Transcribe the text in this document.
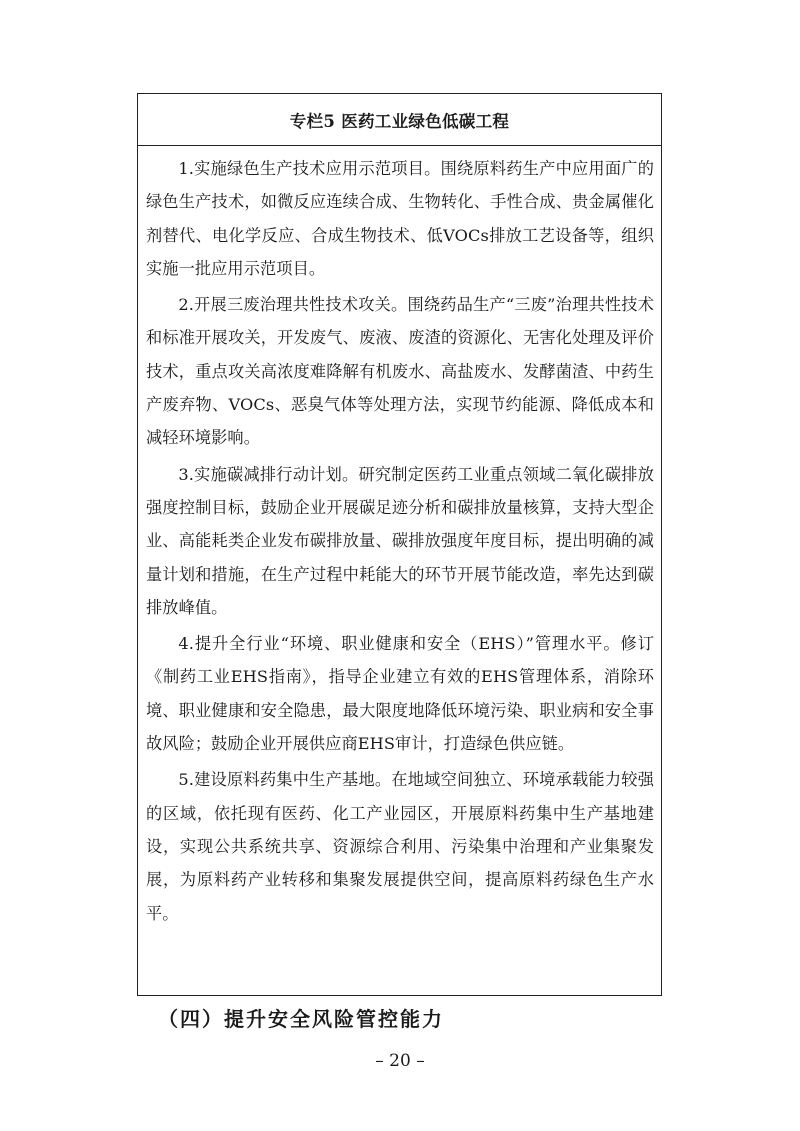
专栏5 医药工业绿色低碳工程

1.实施绿色生产技术应用示范项目。围绕原料药生产中应用面广的绿色生产技术，如微反应连续合成、生物转化、手性合成、贵金属催化剂替代、电化学反应、合成生物技术、低VOCs排放工艺设备等，组织实施一批应用示范项目。

2.开展三废治理共性技术攻关。围绕药品生产“三废”治理共性技术和标准开展攻关，开发废气、废液、废渣的资源化、无害化处理及评价技术，重点攻关高浓度难降解有机废水、高盐废水、发酵菌渣、中药生产废弃物、VOCs、恶臭气体等处理方法，实现节约能源、降低成本和减轻环境影响。

3.实施碳减排行动计划。研究制定医药工业重点领域二氧化碳排放强度控制目标，鼓励企业开展碳足迹分析和碳排放量核算，支持大型企业、高能耗类企业发布碳排放量、碳排放强度年度目标，提出明确的减量计划和措施，在生产过程中耗能大的环节开展节能改造，率先达到碳排放峰值。

4.提升全行业“环境、职业健康和安全（EHS）”管理水平。修订《制药工业EHS指南》，指导企业建立有效的EHS管理体系，消除环境、职业健康和安全隐患，最大限度地降低环境污染、职业病和安全事故风险；鼓励企业开展供应商EHS审计，打造绿色供应链。

5.建设原料药集中生产基地。在地域空间独立、环境承载能力较强的区域，依托现有医药、化工产业园区，开展原料药集中生产基地建设，实现公共系统共享、资源综合利用、污染集中治理和产业集聚发展，为原料药产业转移和集聚发展提供空间，提高原料药绿色生产水平。

（四）提升安全风险管控能力
– 20 –
